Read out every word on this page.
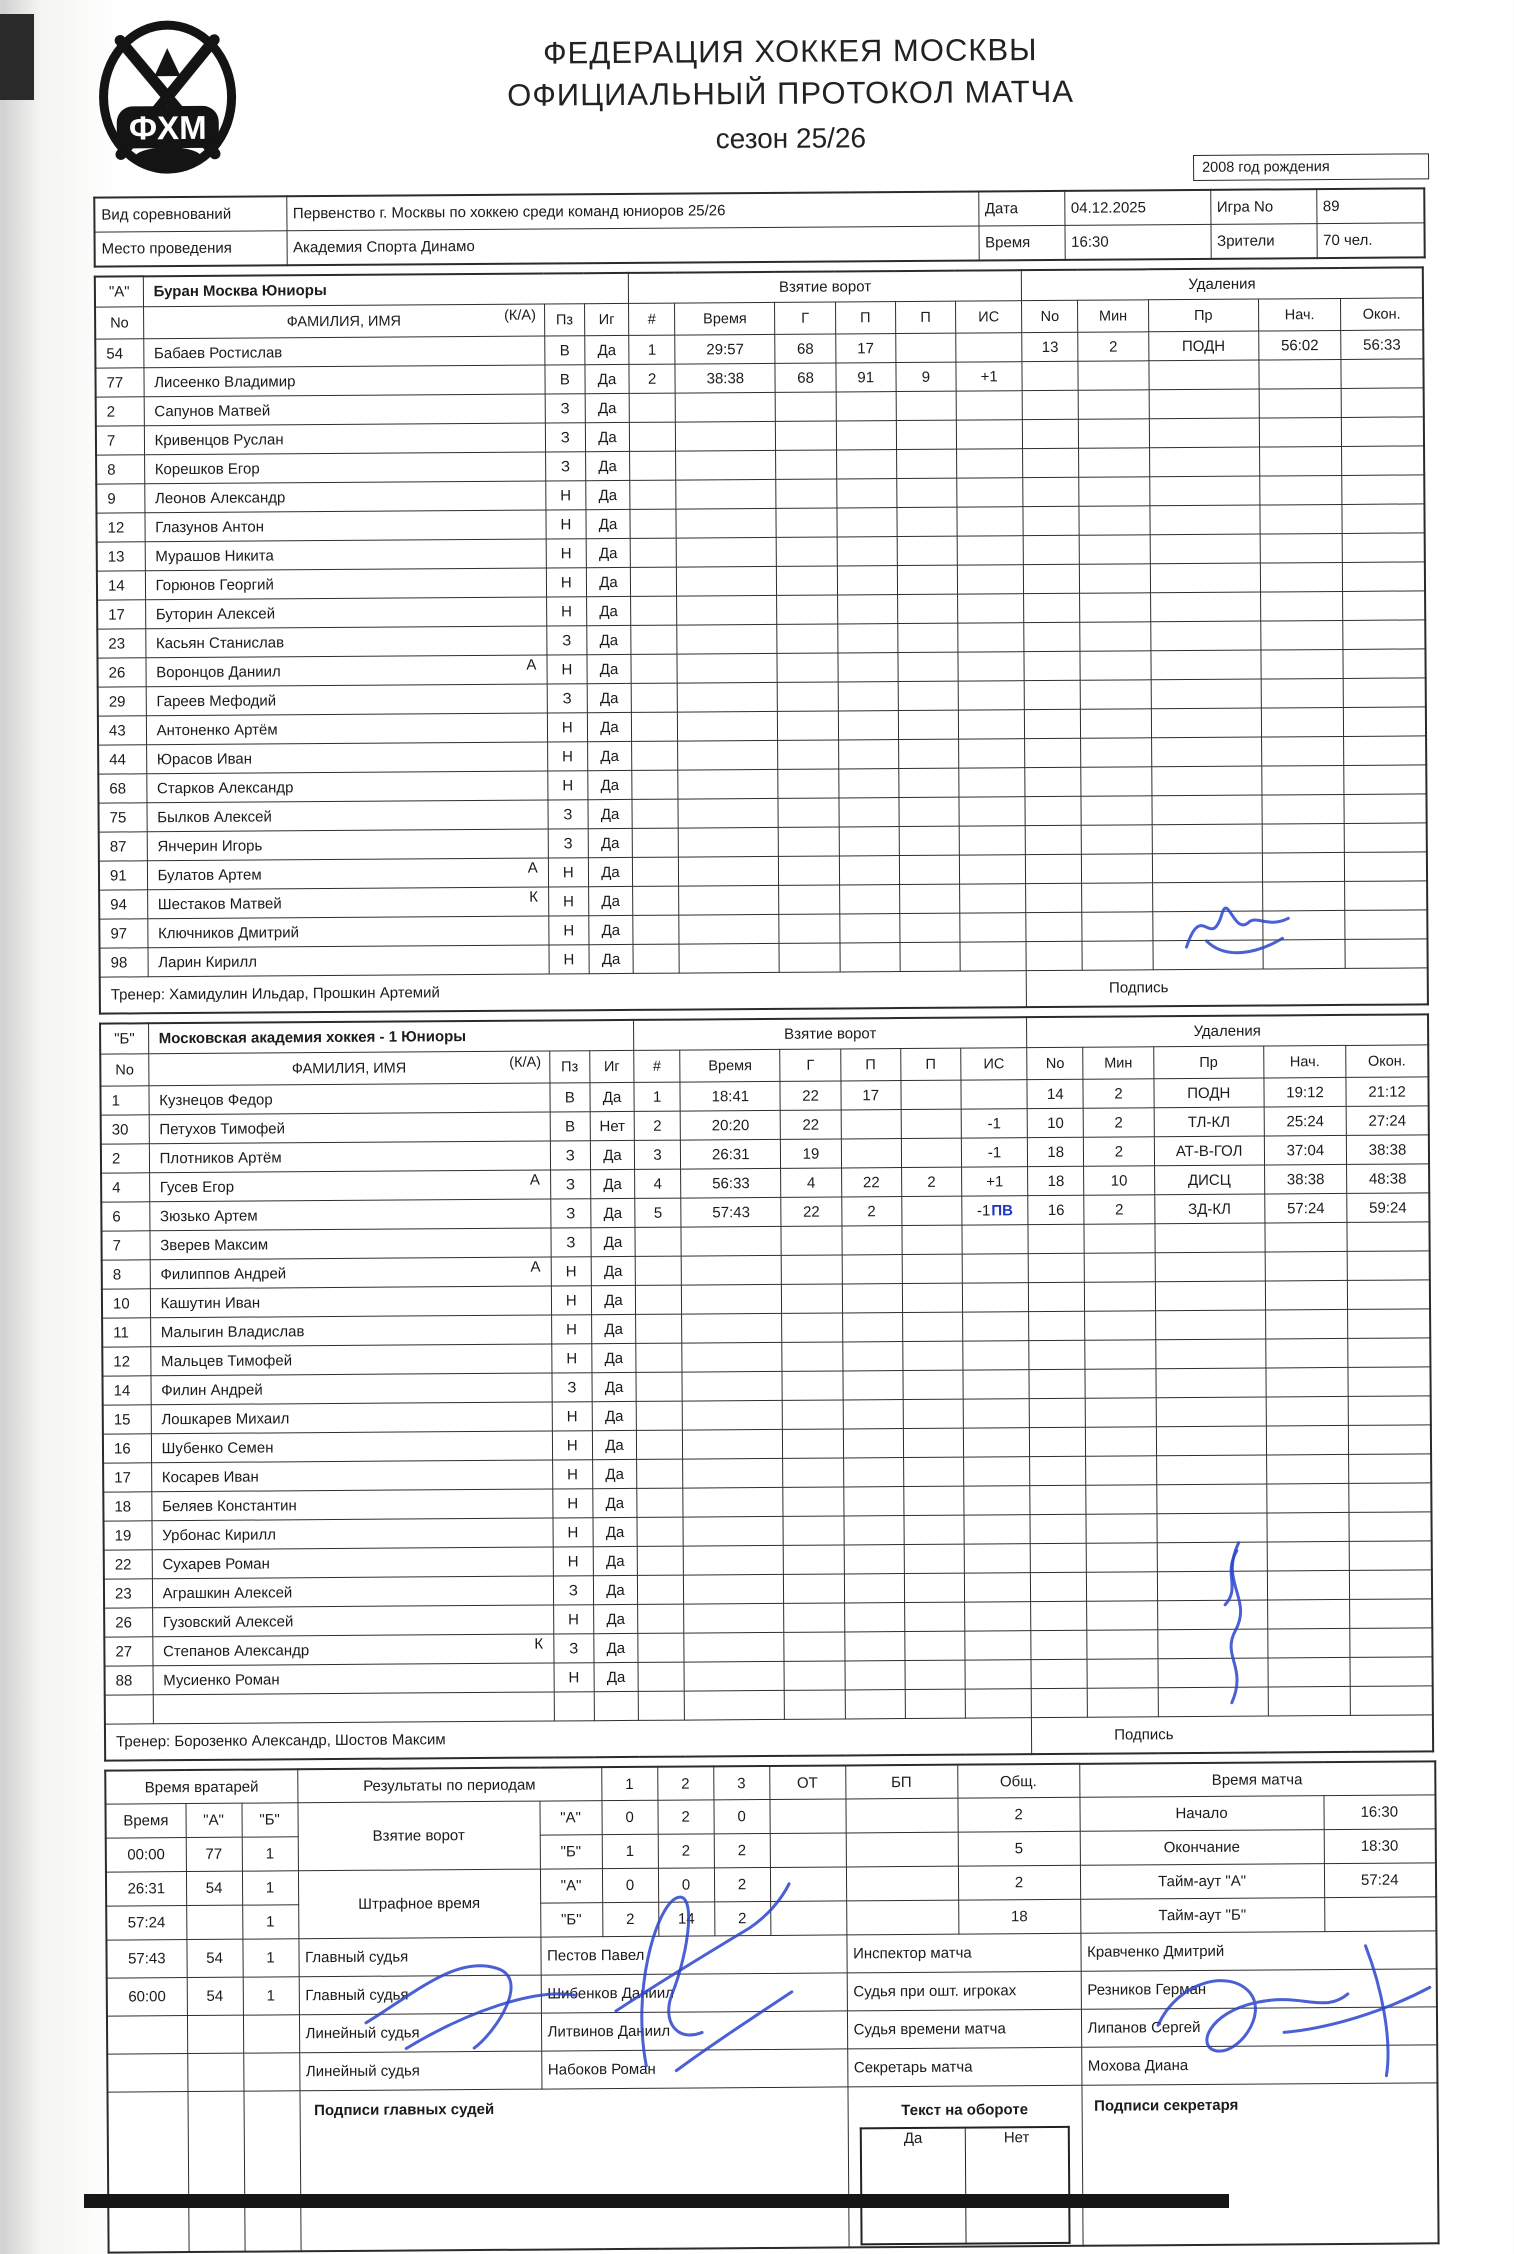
ФХМ
ФЕДЕРАЦИЯ ХОККЕЯ МОСКВЫ
ОФИЦИАЛЬНЫЙ ПРОТОКОЛ МАТЧА
сезон 25/26
2008 год рождения
Вид соревнований	Первенство г. Москвы по хоккею среди команд юниоров 25/26	Дата	04.12.2025	Игра No	89
Место проведения	Академия Спорта Динамо	Время	16:30	Зрители	70 чел.
"А"	Буран Москва Юниоры			Взятие ворот						Удаления				
No	ФАМИЛИЯ, ИМЯ (К/А)	Пз	Иг	#	Время	Г	П	П	ИС	No	Мин	Пр	Нач.	Окон.
54	Бабаев Ростислав	В	Да	1	29:57	68	17			13	2	ПОДН	56:02	56:33
77	Лисеенко Владимир	В	Да	2	38:38	68	91	9	+1					
2	Сапунов Матвей	З	Да											
7	Кривенцов Руслан	З	Да											
8	Корешков Егор	З	Да											
9	Леонов Александр	Н	Да											
12	Глазунов Антон	Н	Да											
13	Мурашов Никита	Н	Да											
14	Горюнов Георгий	Н	Да											
17	Буторин Алексей	Н	Да											
23	Касьян Станислав	З	Да											
26	Воронцов Даниил А	Н	Да											
29	Гареев Мефодий	З	Да											
43	Антоненко Артём	Н	Да											
44	Юрасов Иван	Н	Да											
68	Старков Александр	Н	Да											
75	Былков Алексей	З	Да											
87	Янчерин Игорь	З	Да											
91	Булатов Артем А	Н	Да											
94	Шестаков Матвей К	Н	Да											
97	Ключников Дмитрий	Н	Да											
98	Ларин Кирилл	Н	Да											
Тренер: Хамидулин Ильдар, Прошкин Артемий										Подпись				
"Б"	Московская академия хоккея - 1 Юниоры			Взятие ворот						Удаления				
No	ФАМИЛИЯ, ИМЯ (К/А)	Пз	Иг	#	Время	Г	П	П	ИС	No	Мин	Пр	Нач.	Окон.
1	Кузнецов Федор	В	Да	1	18:41	22	17			14	2	ПОДН	19:12	21:12
30	Петухов Тимофей	В	Нет	2	20:20	22			-1	10	2	ТЛ-КЛ	25:24	27:24
2	Плотников Артём	З	Да	3	26:31	19			-1	18	2	АТ-В-ГОЛ	37:04	38:38
4	Гусев Егор А	З	Да	4	56:33	4	22	2	+1	18	10	ДИСЦ	38:38	48:38
6	Зюзько Артем	З	Да	5	57:43	22	2		-1ПВ	16	2	ЗД-КЛ	57:24	59:24
7	Зверев Максим	З	Да											
8	Филиппов Андрей А	Н	Да											
10	Кашутин Иван	Н	Да											
11	Малыгин Владислав	Н	Да											
12	Мальцев Тимофей	Н	Да											
14	Филин Андрей	З	Да											
15	Лошкарев Михаил	Н	Да											
16	Шубенко Семен	Н	Да											
17	Косарев Иван	Н	Да											
18	Беляев Константин	Н	Да											
19	Урбонас Кирилл	Н	Да											
22	Сухарев Роман	Н	Да											
23	Аграшкин Алексей	З	Да											
26	Гузовский Алексей	Н	Да											
27	Степанов Александр К	З	Да											
88	Мусиенко Роман	Н	Да											

Тренер: Борозенко Александр, Шостов Максим										Подпись				
Время вратарей	Результаты по периодам	1	2	3	ОТ	БП	Общ.	Время матча
Время	"А"	"Б"	Взятие ворот	"А"	0	2	0			2	Начало	16:30
00:00	77	1	"Б"	1	2	2			5	Окончание	18:30
26:31	54	1	Штрафное время	"А"	0	0	2			2	Тайм-аут "А"	57:24
57:24		1	"Б"	2	14	2			18	Тайм-аут "Б"	
57:43	54	1	Главный судья	Пестов Павел	Инспектор матча	Кравченко Дмитрий
60:00	54	1	Главный судья	Шибенков Даниил	Судья при ошт. игроках	Резников Герман
			Линейный судья	Литвинов Даниил	Судья времени матча	Липанов Сергей
			Линейный судья	Набоков Роман	Секретарь матча	Мохова Диана
			Подписи главных судей	Текст на обороте
Да	Нет
	Подписи секретаря
